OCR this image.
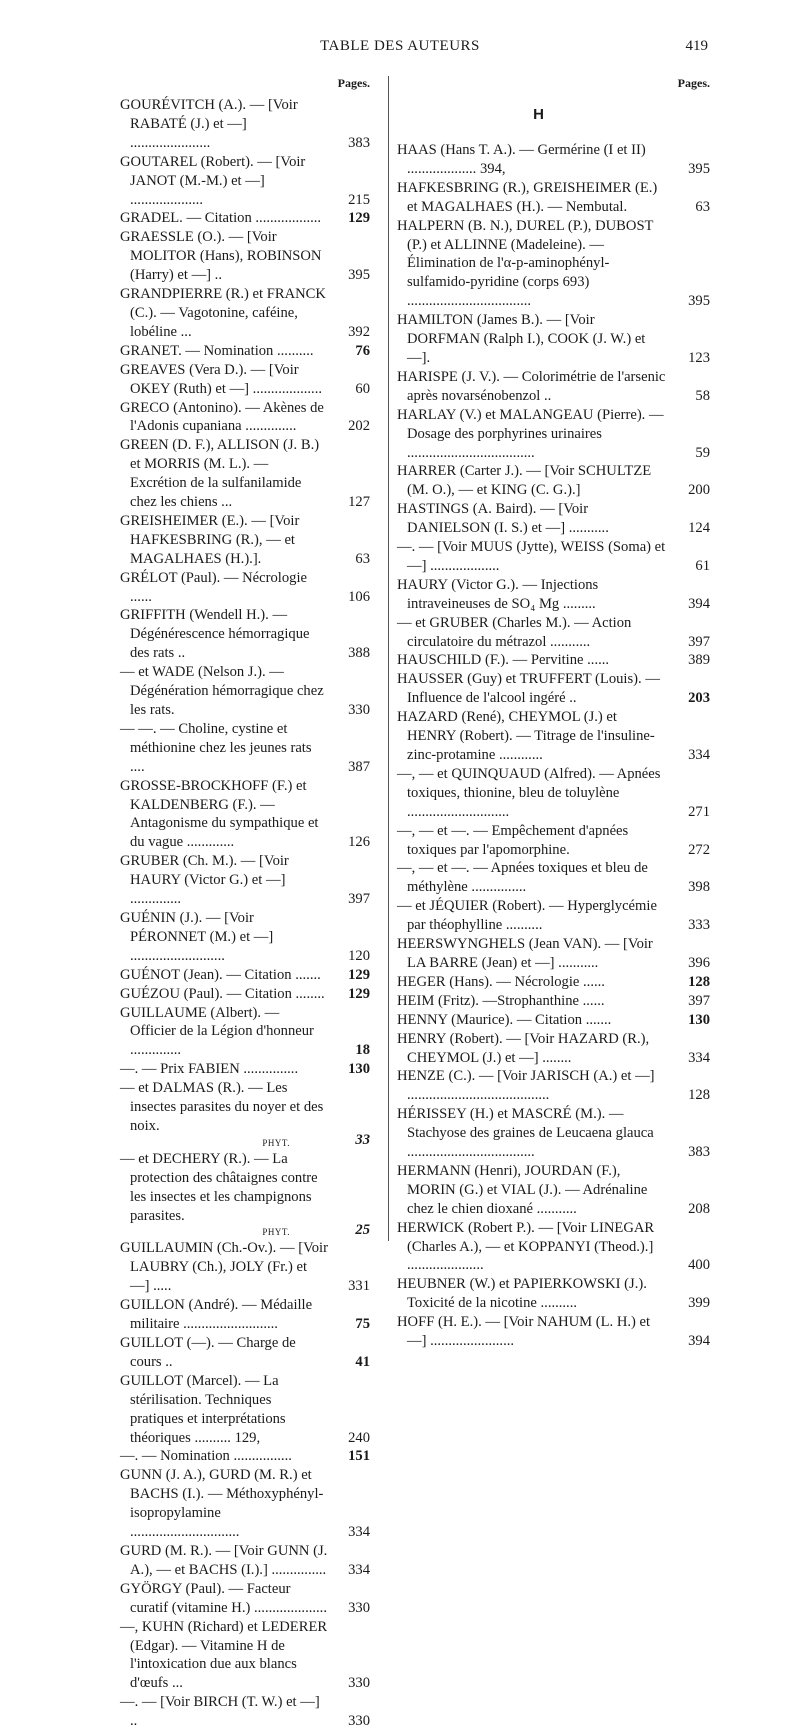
TABLE DES AUTEURS	419
Pages.
GOURÉVITCH (A.). — [Voir RABATÉ (J.) et —] ......................	383
GOUTAREL (Robert). — [Voir JANOT (M.-M.) et —] ....................	215
GRADEL. — Citation .................. 129
GRAESSLE (O.). — [Voir MOLITOR (Hans), ROBINSON (Harry) et —] ..	395
GRANDPIERRE (R.) et FRANCK (C.). — Vagotonine, caféine, lobéline ...	392
GRANET. — Nomination ..........	76
GREAVES (Vera D.). — [Voir OKEY (Ruth) et —] ................... 60
GRECO (Antonino). — Akènes de l'Adonis cupaniana ..............	202
GREEN (D. F.), ALLISON (J. B.) et MORRIS (M. L.). — Excrétion de la sulfanilamide chez les chiens ...	127
GREISHEIMER (E.). — [Voir HAFKESBRING (R.), — et MAGALHAES (H.).].	63
GRÉLOT (Paul). — Nécrologie ......	106
GRIFFITH (Wendell H.). — Dégénérescence hémorragique des rats ..	388
— et WADE (Nelson J.). — Dégénération hémorragique chez les rats.	330
— —. — Choline, cystine et méthionine chez les jeunes rats ....	387
GROSSE-BROCKHOFF (F.) et KALDENBERG (F.). — Antagonisme du sympathique et du vague .............	126
GRUBER (Ch. M.). — [Voir HAURY (Victor G.) et —] ..............	397
GUÉNIN (J.). — [Voir PÉRONNET (M.) et —] ..........................	120
GUÉNOT (Jean). — Citation ....... 129
GUÉZOU (Paul). — Citation ........ 129
GUILLAUME (Albert). — Officier de la Légion d'honneur ..............	18
—. — Prix FABIEN ...............	130
— et DALMAS (R.). — Les insectes parasites du noyer et des noix.
PHYT.	33
— et DECHERY (R.). — La protection des châtaignes contre les insectes et les champignons parasites.
PHYT.	25
GUILLAUMIN (Ch.-Ov.). — [Voir LAUBRY (Ch.), JOLY (Fr.) et —] .....	331
GUILLON (André). — Médaille militaire ..........................	75
GUILLOT (—). — Charge de cours ..	41
GUILLOT (Marcel). — La stérilisation. Techniques pratiques et interprétations théoriques .......... 129,	240
—. — Nomination ................	151
GUNN (J. A.), GURD (M. R.) et BACHS (I.). — Méthoxyphényl-isopropylamine ..............................	334
GURD (M. R.). — [Voir GUNN (J. A.), — et BACHS (I.).] ............... 334
GYÖRGY (Paul). — Facteur curatif (vitamine H.) .................... 330
—, KUHN (Richard) et LEDERER (Edgar). — Vitamine H de l'intoxication due aux blancs d'œufs ...	330
—. — [Voir BIRCH (T. W.) et —] ..	330
Pages.
H
HAAS (Hans T. A.). — Germérine (I et II) ................... 394,	395
HAFKESBRING (R.), GREISHEIMER (E.) et MAGALHAES (H.). — Nembutal.	63
HALPERN (B. N.), DUREL (P.), DUBOST (P.) et ALLINNE (Madeleine). — Élimination de l'α-p-aminophényl-sulfamido-pyridine (corps 693) ..................................	395
HAMILTON (James B.). — [Voir DORFMAN (Ralph I.), COOK (J. W.) et —].	123
HARISPE (J. V.). — Colorimétrie de l'arsenic après novarsénobenzol ..	58
HARLAY (V.) et MALANGEAU (Pierre). — Dosage des porphyrines urinaires ...................................	59
HARRER (Carter J.). — [Voir SCHULTZE (M. O.), — et KING (C. G.).]	200
HASTINGS (A. Baird). — [Voir DANIELSON (I. S.) et —] ...........	124
—. — [Voir MUUS (Jytte), WEISS (Soma) et —] ...................	61
HAURY (Victor G.). — Injections intraveineuses de SO₄ Mg .........	394
— et GRUBER (Charles M.). — Action circulatoire du métrazol ...........	397
HAUSCHILD (F.). — Pervitine ......	389
HAUSSER (Guy) et TRUFFERT (Louis). — Influence de l'alcool ingéré ..	203
HAZARD (René), CHEYMOL (J.) et HENRY (Robert). — Titrage de l'insuline-zinc-protamine ............	334
—, — et QUINQUAUD (Alfred). — Apnées toxiques, thionine, bleu de toluylène ............................	271
—, — et —. — Empêchement d'apnées toxiques par l'apomorphine.	272
—, — et —. — Apnées toxiques et bleu de méthylène ...............	398
— et JÉQUIER (Robert). — Hyperglycémie par théophylline ..........	333
HEERSWYNGHELS (Jean VAN). — [Voir LA BARRE (Jean) et —] ...........	396
HEGER (Hans). — Nécrologie ......	128
HEIM (Fritz). —Strophanthine ......	397
HENNY (Maurice). — Citation .......	130
HENRY (Robert). — [Voir HAZARD (R.), CHEYMOL (J.) et —] ........	334
HENZE (C.). — [Voir JARISCH (A.) et —] .......................................	128
HÉRISSEY (H.) et MASCRÉ (M.). — Stachyose des graines de Leucaena glauca ...................................	383
HERMANN (Henri), JOURDAN (F.), MORIN (G.) et VIAL (J.). — Adrénaline chez le chien dioxané ...........	208
HERWICK (Robert P.). — [Voir LINEGAR (Charles A.), — et KOPPANYI (Theod.).] .....................	400
HEUBNER (W.) et PAPIERKOWSKI (J.). Toxicité de la nicotine ..........	399
HOFF (H. E.). — [Voir NAHUM (L. H.) et —] .......................	394
